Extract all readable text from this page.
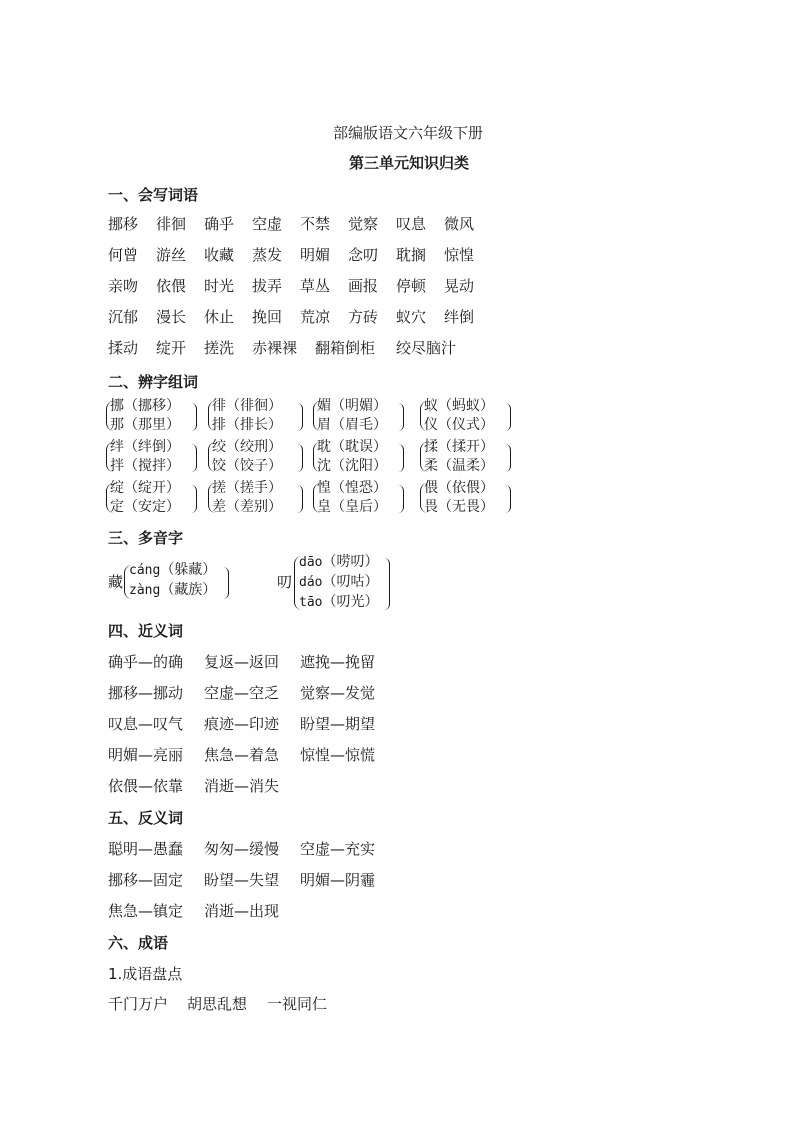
部编版语文六年级下册
第三单元知识归类
一、会写词语
挪移 徘徊 确乎 空虚 不禁 觉察 叹息 微风
何曾 游丝 收藏 蒸发 明媚 念叨 耽搁 惊惶
亲吻 依偎 时光 拔弄 草丛 画报 停顿 晃动
沉郁 漫长 休止 挽回 荒凉 方砖 蚁穴 绊倒
揉动 绽开 搓洗 赤裸裸 翻箱倒柜 绞尽脑汁
二、辨字组词
挪（挪移）
那（那里）
徘（徘徊）
排（排长）
媚（明媚）
眉（眉毛）
蚁（蚂蚁）
仪（仪式）
绊（绊倒）
拌（搅拌）
绞（绞刑）
饺（饺子）
耽（耽误）
沈（沈阳）
揉（揉开）
柔（温柔）
绽（绽开）
定（安定）
搓（搓手）
差（差别）
惶（惶恐）
皇（皇后）
偎（依偎）
畏（无畏）
三、多音字
藏
cáng（躲藏）
zàng（藏族）	叨
dāo（唠叨）
dáo（叨咕）
tāo（叨光）
四、近义词
确乎—的确 复返—返回 遮挽—挽留
挪移—挪动 空虚—空乏 觉察—发觉
叹息—叹气 痕迹—印迹 盼望—期望
明媚—亮丽 焦急—着急 惊惶—惊慌
依偎—依靠 消逝—消失
五、反义词
聪明—愚蠢 匆匆—缓慢 空虚—充实
挪移—固定 盼望—失望 明媚—阴霾
焦急—镇定 消逝—出现
六、成语
1.成语盘点
千门万户 胡思乱想 一视同仁
